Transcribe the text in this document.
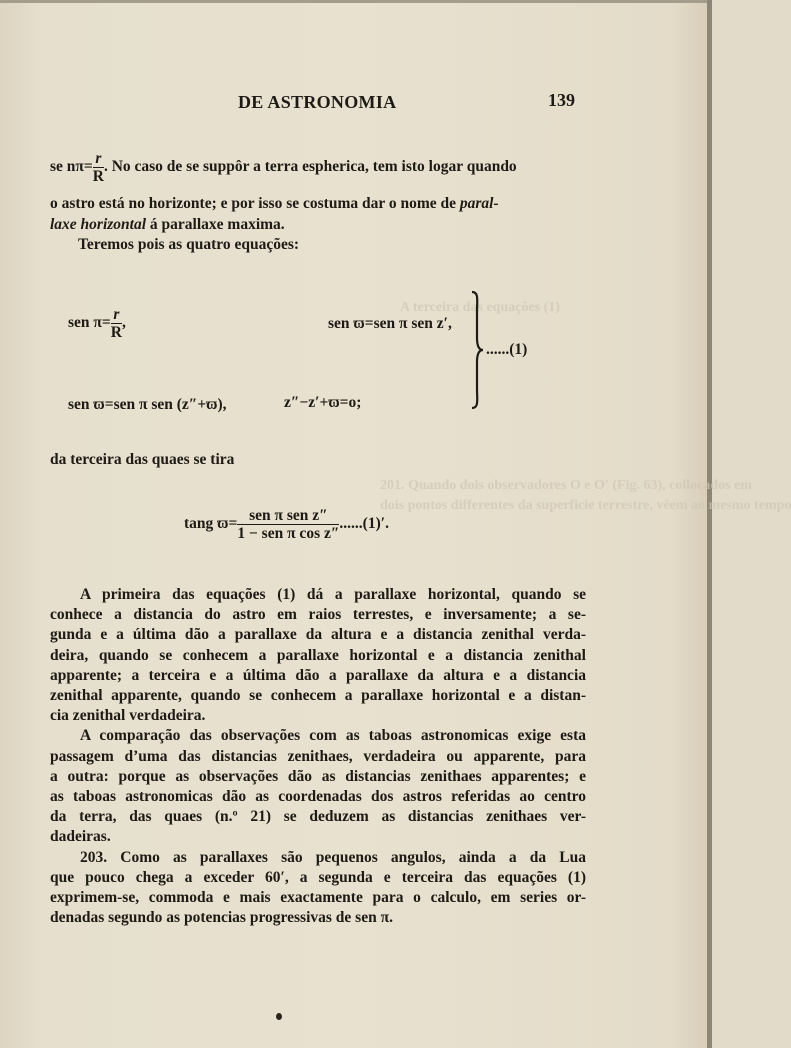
A terceira das equações (1)
201. Quando dois observadores O e O′ (Fig. 63), collocados em
dois pontos differentes da superficie terrestre, vêem ao mesmo tempo
DE ASTRONOMIA	139
se $n\pi= \frac{r}{R}$ . No caso de se suppôr a terra espherica, tem isto logar quando
o astro está no horizonte; e por isso se costuma dar o nome de paral-
laxe horizontal á parallaxe maxima.
Teremos pois as quatro equações:
sen $\pi= \frac{r}{R}$ ,	sen ϖ=sen π sen z′,
sen ϖ=sen π sen (z″+ϖ),	z″−z′+ϖ=o;
......(1)
da terceira das quaes se tira
tang $ϖ= \frac{\text{sen π sen z″}}{\text{1 − sen π cos z″}} ......(1)'$.
A primeira das equações (1) dá a parallaxe horizontal, quando se
conhece a distancia do astro em raios terrestes, e inversamente; a se-
gunda e a última dão a parallaxe da altura e a distancia zenithal verda-
deira, quando se conhecem a parallaxe horizontal e a distancia zenithal
apparente; a terceira e a última dão a parallaxe da altura e a distancia
zenithal apparente, quando se conhecem a parallaxe horizontal e a distan-
cia zenithal verdadeira.
A comparação das observações com as taboas astronomicas exige esta
passagem d’uma das distancias zenithaes, verdadeira ou apparente, para
a outra: porque as observações dão as distancias zenithaes apparentes; e
as taboas astronomicas dão as coordenadas dos astros referidas ao centro
da terra, das quaes (n.º 21) se deduzem as distancias zenithaes ver-
dadeiras.
203. Como as parallaxes são pequenos angulos, ainda a da Lua
que pouco chega a exceder 60′, a segunda e terceira das equações (1)
exprimem-se, commoda e mais exactamente para o calculo, em series or-
denadas segundo as potencias progressivas de sen π.
